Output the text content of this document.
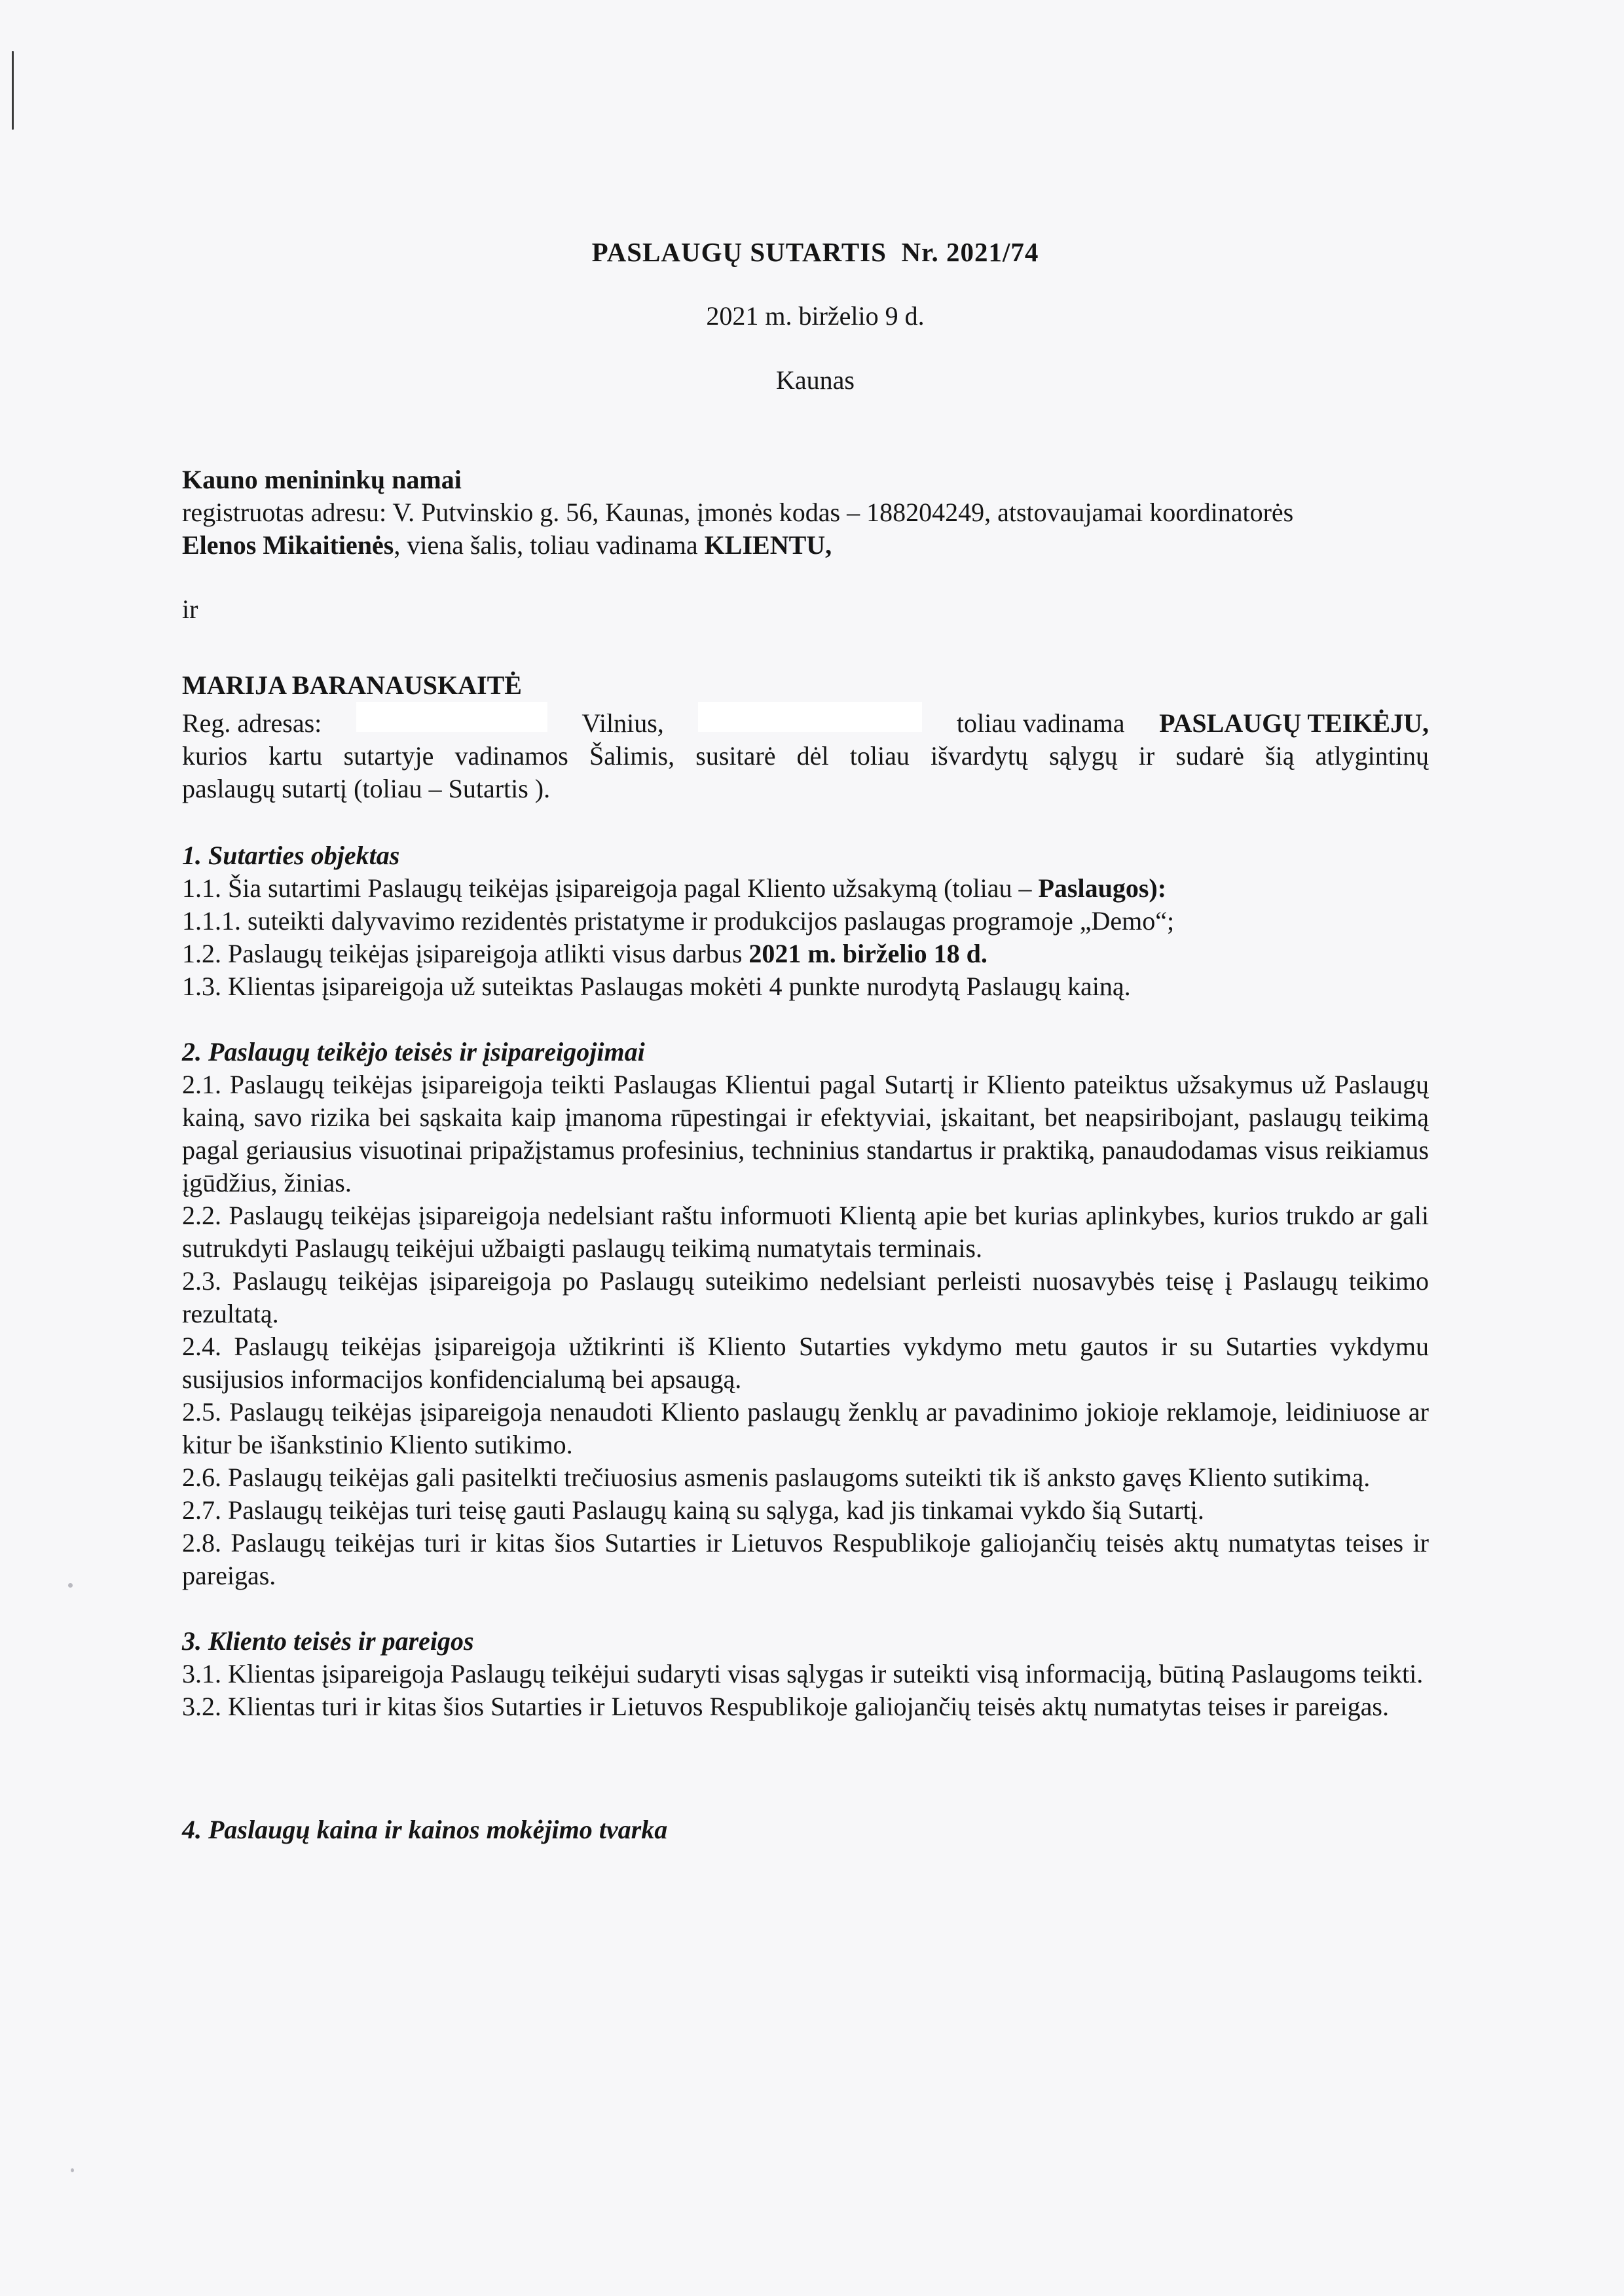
PASLAUGŲ SUTARTIS Nr. 2021/74

2021 m. birželio 9 d.

Kaunas

Kauno menininkų namai

registruotas adresu: V. Putvinskio g. 56, Kaunas, įmonės kodas – 188204249, atstovaujamai koordinatorės

Elenos Mikaitienės, viena šalis, toliau vadinama KLIENTU,

ir

MARIJA BARANAUSKAITĖ

Reg. adresas:	Vilnius,	toliau vadinama PASLAUGŲ TEIKĖJU,

kurios kartu sutartyje vadinamos Šalimis, susitarė dėl toliau išvardytų sąlygų ir sudarė šią atlygintinų

paslaugų sutartį (toliau – Sutartis ).

1. Sutarties objektas

1.1. Šia sutartimi Paslaugų teikėjas įsipareigoja pagal Kliento užsakymą (toliau – Paslaugos):

1.1.1. suteikti dalyvavimo rezidentės pristatyme ir produkcijos paslaugas programoje „Demo“;

1.2. Paslaugų teikėjas įsipareigoja atlikti visus darbus 2021 m. birželio 18 d.

1.3. Klientas įsipareigoja už suteiktas Paslaugas mokėti 4 punkte nurodytą Paslaugų kainą.

2. Paslaugų teikėjo teisės ir įsipareigojimai

2.1. Paslaugų teikėjas įsipareigoja teikti Paslaugas Klientui pagal Sutartį ir Kliento pateiktus užsakymus už Paslaugų kainą, savo rizika bei sąskaita kaip įmanoma rūpestingai ir efektyviai, įskaitant, bet neapsiribojant, paslaugų teikimą pagal geriausius visuotinai pripažįstamus profesinius, techninius standartus ir praktiką, panaudodamas visus reikiamus įgūdžius, žinias.

2.2. Paslaugų teikėjas įsipareigoja nedelsiant raštu informuoti Klientą apie bet kurias aplinkybes, kurios trukdo ar gali sutrukdyti Paslaugų teikėjui užbaigti paslaugų teikimą numatytais terminais.

2.3. Paslaugų teikėjas įsipareigoja po Paslaugų suteikimo nedelsiant perleisti nuosavybės teisę į Paslaugų teikimo rezultatą.

2.4. Paslaugų teikėjas įsipareigoja užtikrinti iš Kliento Sutarties vykdymo metu gautos ir su Sutarties vykdymu susijusios informacijos konfidencialumą bei apsaugą.

2.5. Paslaugų teikėjas įsipareigoja nenaudoti Kliento paslaugų ženklų ar pavadinimo jokioje reklamoje, leidiniuose ar kitur be išankstinio Kliento sutikimo.

2.6. Paslaugų teikėjas gali pasitelkti trečiuosius asmenis paslaugoms suteikti tik iš anksto gavęs Kliento sutikimą.

2.7. Paslaugų teikėjas turi teisę gauti Paslaugų kainą su sąlyga, kad jis tinkamai vykdo šią Sutartį.

2.8. Paslaugų teikėjas turi ir kitas šios Sutarties ir Lietuvos Respublikoje galiojančių teisės aktų numatytas teises ir pareigas.

3. Kliento teisės ir pareigos

3.1. Klientas įsipareigoja Paslaugų teikėjui sudaryti visas sąlygas ir suteikti visą informaciją, būtiną Paslaugoms teikti.

3.2. Klientas turi ir kitas šios Sutarties ir Lietuvos Respublikoje galiojančių teisės aktų numatytas teises ir pareigas.

4. Paslaugų kaina ir kainos mokėjimo tvarka
